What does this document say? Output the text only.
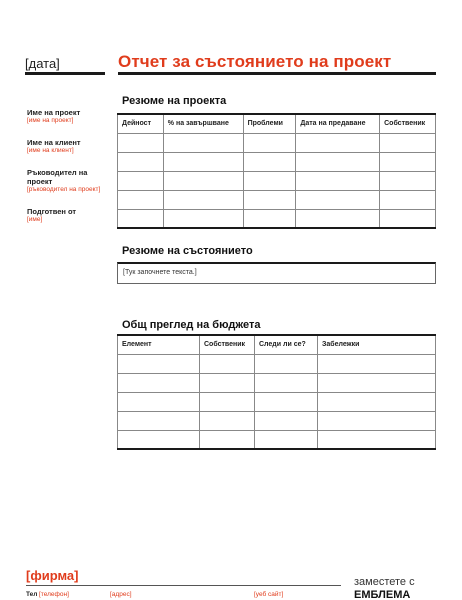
[дата]	Отчет за състоянието на проект
Име на проект
[име на проект]
Име на клиент
[име на клиент]
Ръководител на проект
[ръководител на проект]
Подготвен от
[име]
Резюме на проекта
Дейност	% на завършване	Проблеми	Дата на предаване	Собственик

Резюме на състоянието
[Тук започнете текста.]
Общ преглед на бюджета
Елемент	Собственик	Следи ли се?	Забележки

[фирма]
Тел [телефон]	[адрес]	[уеб сайт]
заместете с
ЕМБЛЕМА
